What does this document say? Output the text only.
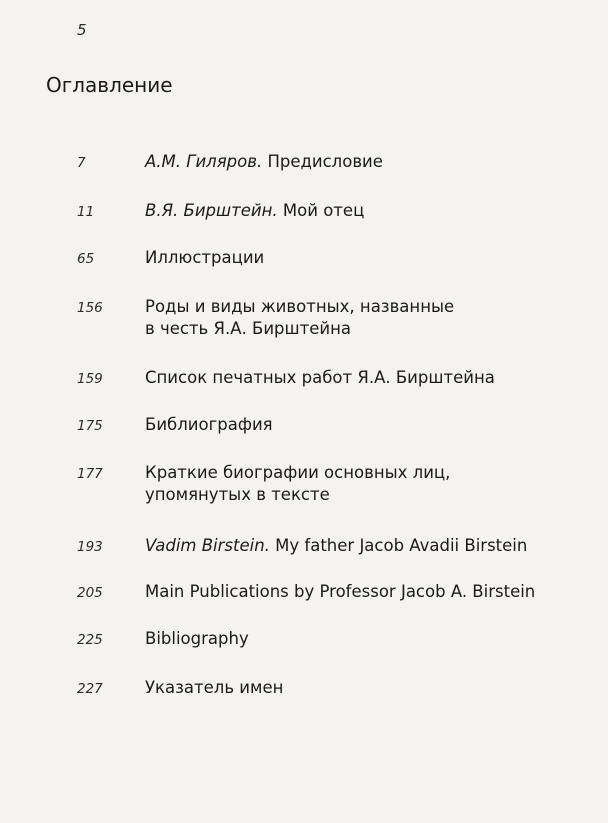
5
Оглавление
7	А.М. Гиляров. Предисловие
11	В.Я. Бирштейн. Мой отец
65	Иллюстрации
156	Роды и виды животных, названные
в честь Я.А. Бирштейна
159	Список печатных работ Я.А. Бирштейна
175	Библиография
177	Краткие биографии основных лиц,
упомянутых в тексте
193	Vadim Birstein. My father Jacob Avadii Birstein
205	Main Publications by Professor Jacob A. Birstein
225	Bibliography
227	Указатель имен
